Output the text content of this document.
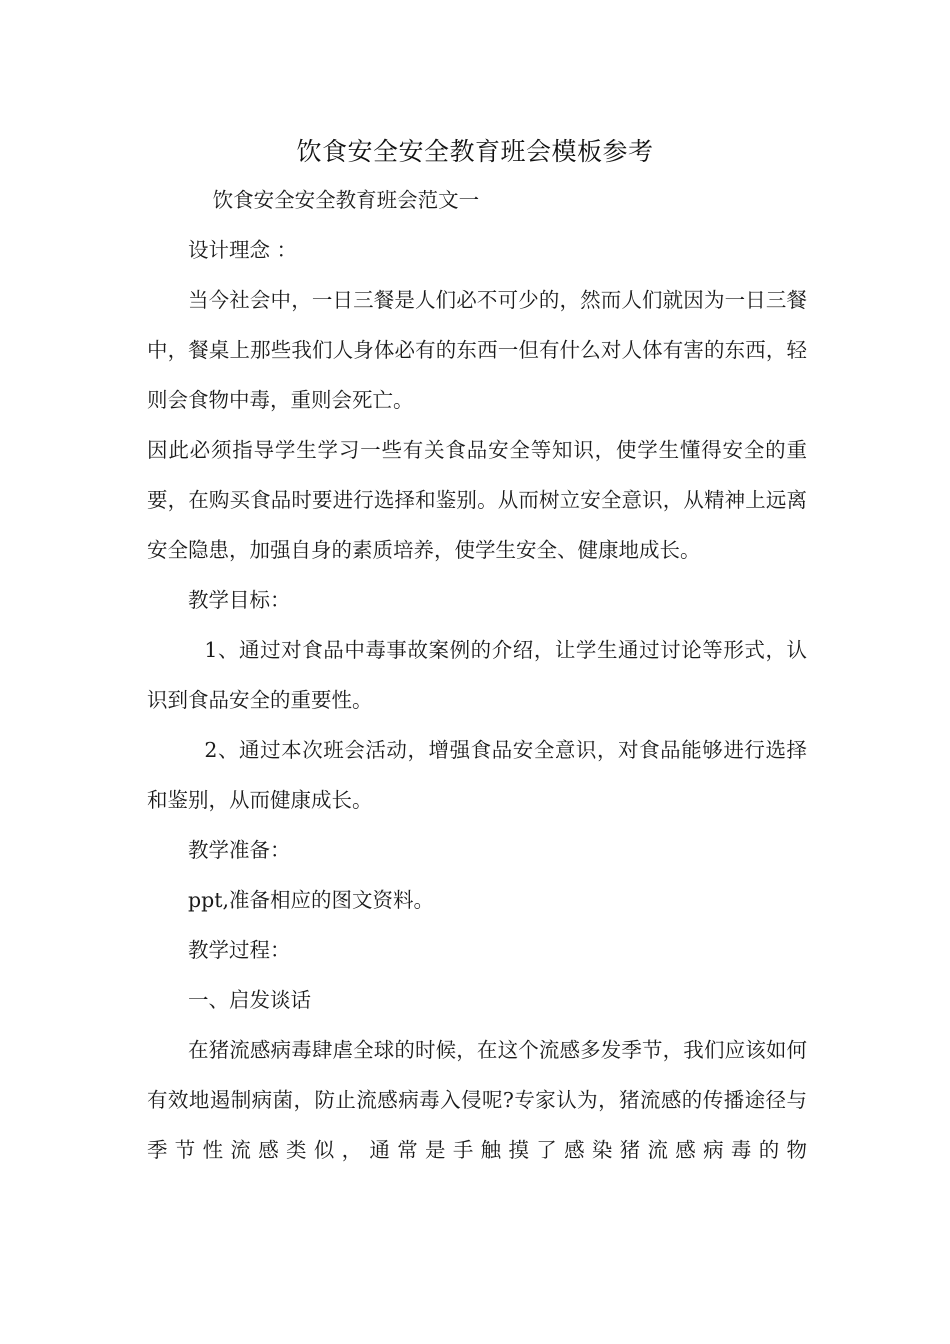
饮食安全安全教育班会模板参考

饮食安全安全教育班会范文一

设计理念 ：

当今社会中，一日三餐是人们必不可少的，然而人们就因为一日三餐中，餐桌上那些我们人身体必有的东西一但有什么对人体有害的东西，轻则会食物中毒，重则会死亡。

因此必须指导学生学习一些有关食品安全等知识，使学生懂得安全的重要，在购买食品时要进行选择和鉴别。从而树立安全意识，从精神上远离安全隐患，加强自身的素质培养，使学生安全、健康地成长。

教学目标：

1、通过对食品中毒事故案例的介绍，让学生通过讨论等形式，认识到食品安全的重要性。

2、通过本次班会活动，增强食品安全意识，对食品能够进行选择和鉴别，从而健康成长。

教学准备：

ppt,准备相应的图文资料。

教学过程：

一、启发谈话

在猪流感病毒肆虐全球的时候，在这个流感多发季节，我们应该如何有效地遏制病菌，防止流感病毒入侵呢?专家认为，猪流感的传播途径与季节性流感类似，通常是手触摸了感染猪流感病毒的物
